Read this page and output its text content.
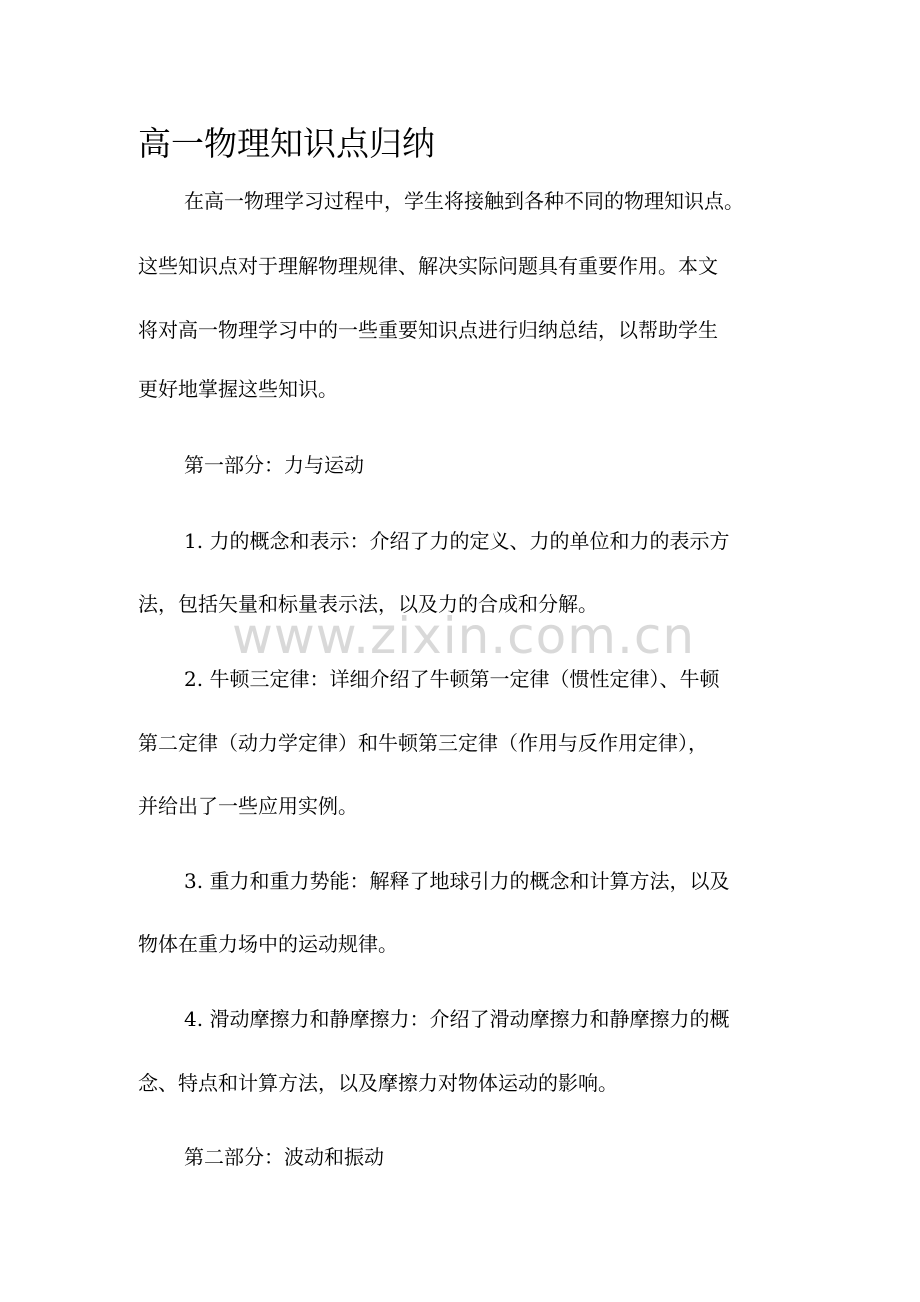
高一物理知识点归纳

在高一物理学习过程中，学生将接触到各种不同的物理知识点。

这些知识点对于理解物理规律、解决实际问题具有重要作用。本文

将对高一物理学习中的一些重要知识点进行归纳总结，以帮助学生

更好地掌握这些知识。

第一部分：力与运动

1. 力的概念和表示：介绍了力的定义、力的单位和力的表示方

法，包括矢量和标量表示法，以及力的合成和分解。

www.zixin.com.cn

2. 牛顿三定律：详细介绍了牛顿第一定律（惯性定律）、牛顿

第二定律（动力学定律）和牛顿第三定律（作用与反作用定律），

并给出了一些应用实例。

3. 重力和重力势能：解释了地球引力的概念和计算方法，以及

物体在重力场中的运动规律。

4. 滑动摩擦力和静摩擦力：介绍了滑动摩擦力和静摩擦力的概

念、特点和计算方法，以及摩擦力对物体运动的影响。

第二部分：波动和振动
